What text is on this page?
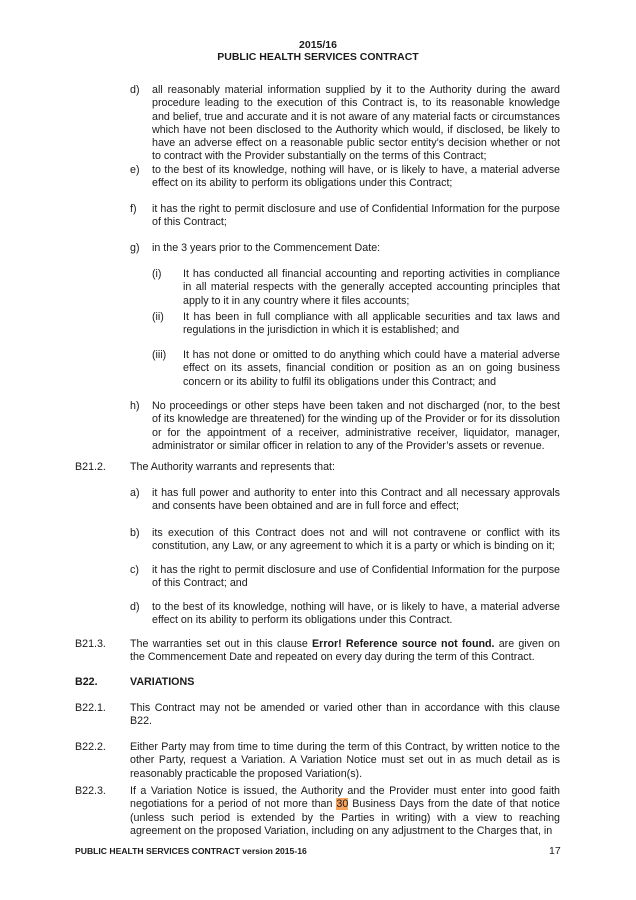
2015/16
PUBLIC HEALTH SERVICES CONTRACT
d) all reasonably material information supplied by it to the Authority during the award procedure leading to the execution of this Contract is, to its reasonable knowledge and belief, true and accurate and it is not aware of any material facts or circumstances which have not been disclosed to the Authority which would, if disclosed, be likely to have an adverse effect on a reasonable public sector entity’s decision whether or not to contract with the Provider substantially on the terms of this Contract;
e) to the best of its knowledge, nothing will have, or is likely to have, a material adverse effect on its ability to perform its obligations under this Contract;
f) it has the right to permit disclosure and use of Confidential Information for the purpose of this Contract;
g) in the 3 years prior to the Commencement Date:
(i) It has conducted all financial accounting and reporting activities in compliance in all material respects with the generally accepted accounting principles that apply to it in any country where it files accounts;
(ii) It has been in full compliance with all applicable securities and tax laws and regulations in the jurisdiction in which it is established; and
(iii) It has not done or omitted to do anything which could have a material adverse effect on its assets, financial condition or position as an on going business concern or its ability to fulfil its obligations under this Contract; and
h) No proceedings or other steps have been taken and not discharged (nor, to the best of its knowledge are threatened) for the winding up of the Provider or for its dissolution or for the appointment of a receiver, administrative receiver, liquidator, manager, administrator or similar officer in relation to any of the Provider’s assets or revenue.
B21.2. The Authority warrants and represents that:
a) it has full power and authority to enter into this Contract and all necessary approvals and consents have been obtained and are in full force and effect;
b) its execution of this Contract does not and will not contravene or conflict with its constitution, any Law, or any agreement to which it is a party or which is binding on it;
c) it has the right to permit disclosure and use of Confidential Information for the purpose of this Contract; and
d) to the best of its knowledge, nothing will have, or is likely to have, a material adverse effect on its ability to perform its obligations under this Contract.
B21.3. The warranties set out in this clause Error! Reference source not found. are given on the Commencement Date and repeated on every day during the term of this Contract.
B22.	VARIATIONS
B22.1. This Contract may not be amended or varied other than in accordance with this clause B22.
B22.2. Either Party may from time to time during the term of this Contract, by written notice to the other Party, request a Variation. A Variation Notice must set out in as much detail as is reasonably practicable the proposed Variation(s).
B22.3. If a Variation Notice is issued, the Authority and the Provider must enter into good faith negotiations for a period of not more than 30 Business Days from the date of that notice (unless such period is extended by the Parties in writing) with a view to reaching agreement on the proposed Variation, including on any adjustment to the Charges that, in
PUBLIC HEALTH SERVICES CONTRACT version 2015-16	17
